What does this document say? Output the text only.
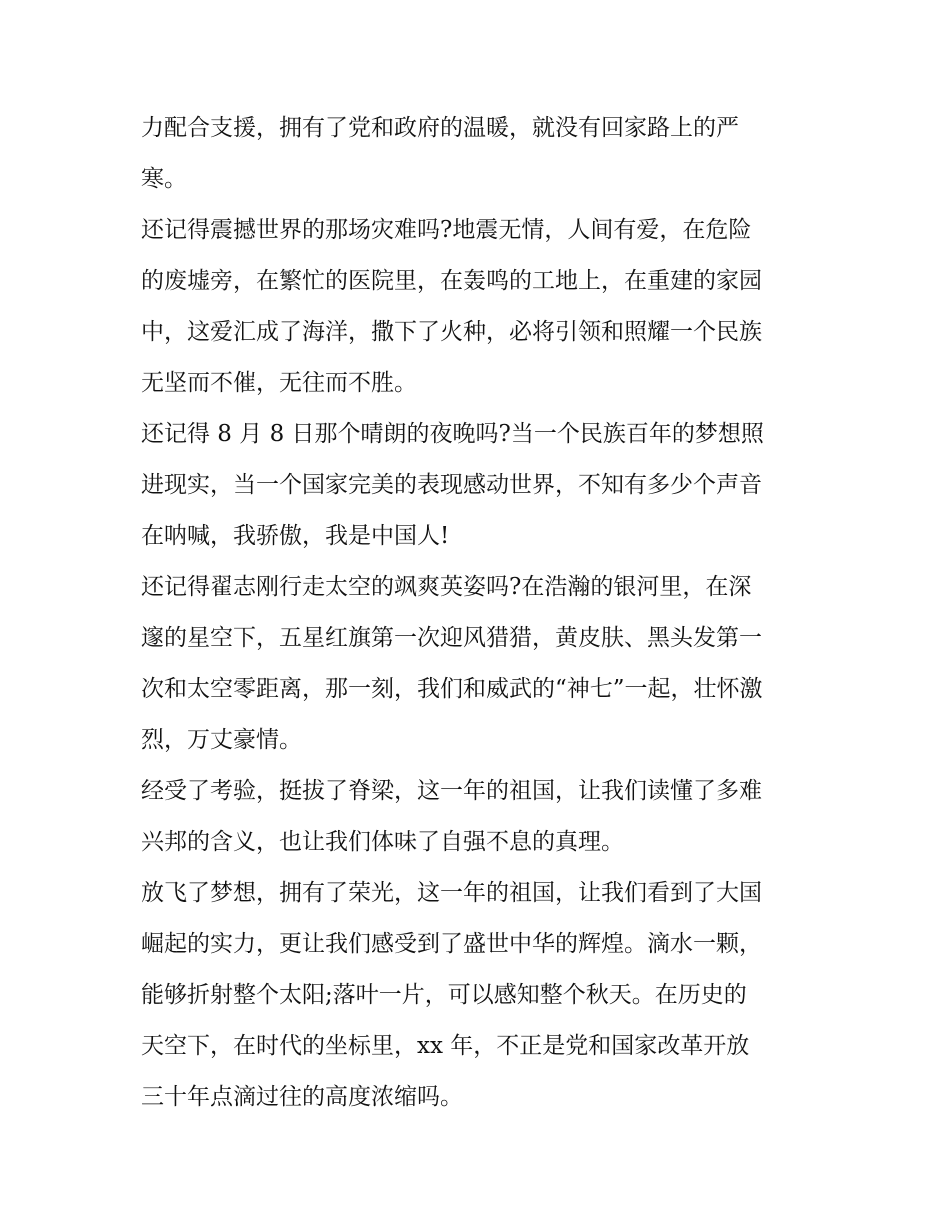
力配合支援，拥有了党和政府的温暖，就没有回家路上的严
寒。
还记得震撼世界的那场灾难吗?地震无情，人间有爱，在危险
的废墟旁，在繁忙的医院里，在轰鸣的工地上，在重建的家园
中，这爱汇成了海洋，撒下了火种，必将引领和照耀一个民族
无坚而不催，无往而不胜。
还记得 8 月 8 日那个晴朗的夜晚吗?当一个民族百年的梦想照
进现实，当一个国家完美的表现感动世界，不知有多少个声音
在呐喊，我骄傲，我是中国人!
还记得翟志刚行走太空的飒爽英姿吗?在浩瀚的银河里，在深
邃的星空下，五星红旗第一次迎风猎猎，黄皮肤、黑头发第一
次和太空零距离，那一刻，我们和威武的“神七”一起，壮怀激
烈，万丈豪情。
经受了考验，挺拔了脊梁，这一年的祖国，让我们读懂了多难
兴邦的含义，也让我们体味了自强不息的真理。
放飞了梦想，拥有了荣光，这一年的祖国，让我们看到了大国
崛起的实力，更让我们感受到了盛世中华的辉煌。滴水一颗，
能够折射整个太阳;落叶一片，可以感知整个秋天。在历史的
天空下，在时代的坐标里，xx 年，不正是党和国家改革开放
三十年点滴过往的高度浓缩吗。
